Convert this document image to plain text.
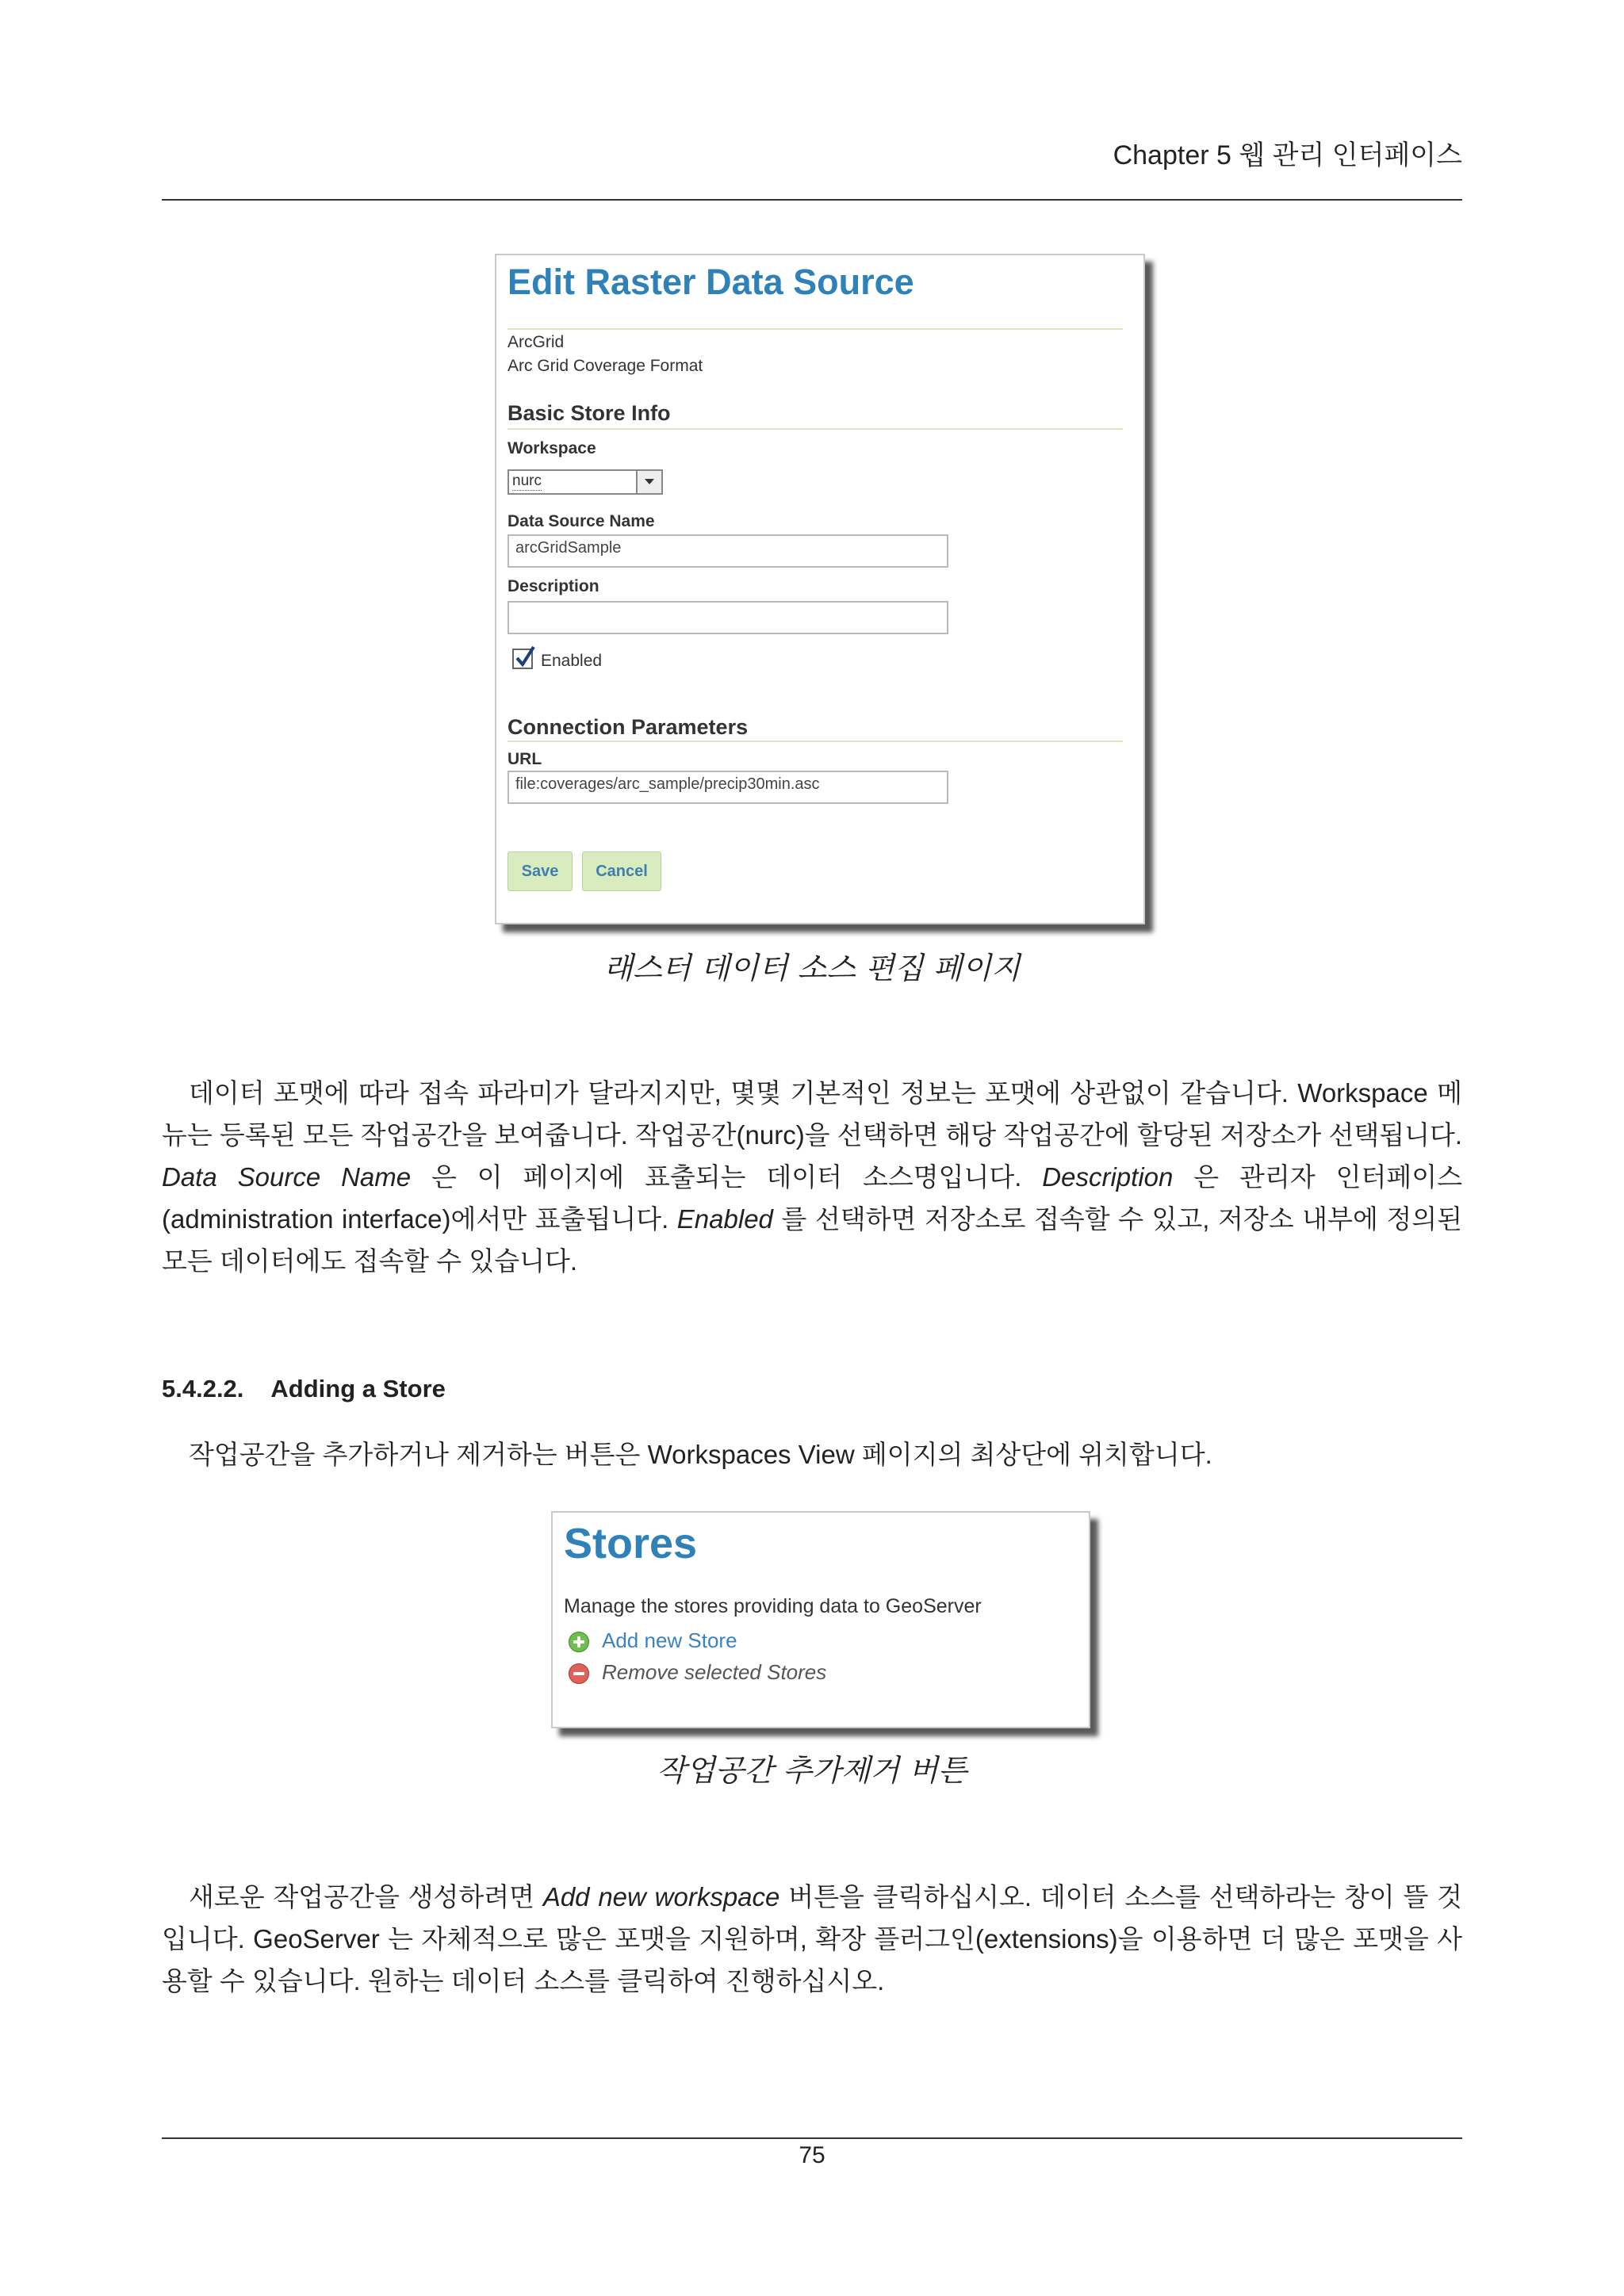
Chapter 5 웹 관리 인터페이스
Edit Raster Data Source
ArcGrid
Arc Grid Coverage Format
Basic Store Info
Workspace
nurc
Data Source Name
arcGridSample
Description
Enabled
Connection Parameters
URL
file:coverages/arc_sample/precip30min.asc
Save	Cancel
래스터 데이터 소스 편집 페이지
데이터 포맷에 따라 접속 파라미가 달라지지만, 몇몇 기본적인 정보는 포맷에 상관없이 같습니다. Workspace 메뉴는 등록된 모든 작업공간을 보여줍니다. 작업공간(nurc)을 선택하면 해당 작업공간에 할당된 저장소가 선택됩니다. Data Source Name 은 이 페이지에 표출되는 데이터 소스명입니다. Description 은 관리자 인터페이스(administration interface)에서만 표출됩니다. Enabled 를 선택하면 저장소로 접속할 수 있고, 저장소 내부에 정의된 모든 데이터에도 접속할 수 있습니다.
5.4.2.2. Adding a Store
작업공간을 추가하거나 제거하는 버튼은 Workspaces View 페이지의 최상단에 위치합니다.
Stores
Manage the stores providing data to GeoServer
Add new Store
Remove selected Stores
작업공간 추가제거 버튼
새로운 작업공간을 생성하려면 Add new workspace 버튼을 클릭하십시오. 데이터 소스를 선택하라는 창이 뜰 것입니다. GeoServer 는 자체적으로 많은 포맷을 지원하며, 확장 플러그인(extensions)을 이용하면 더 많은 포맷을 사용할 수 있습니다. 원하는 데이터 소스를 클릭하여 진행하십시오.
75
